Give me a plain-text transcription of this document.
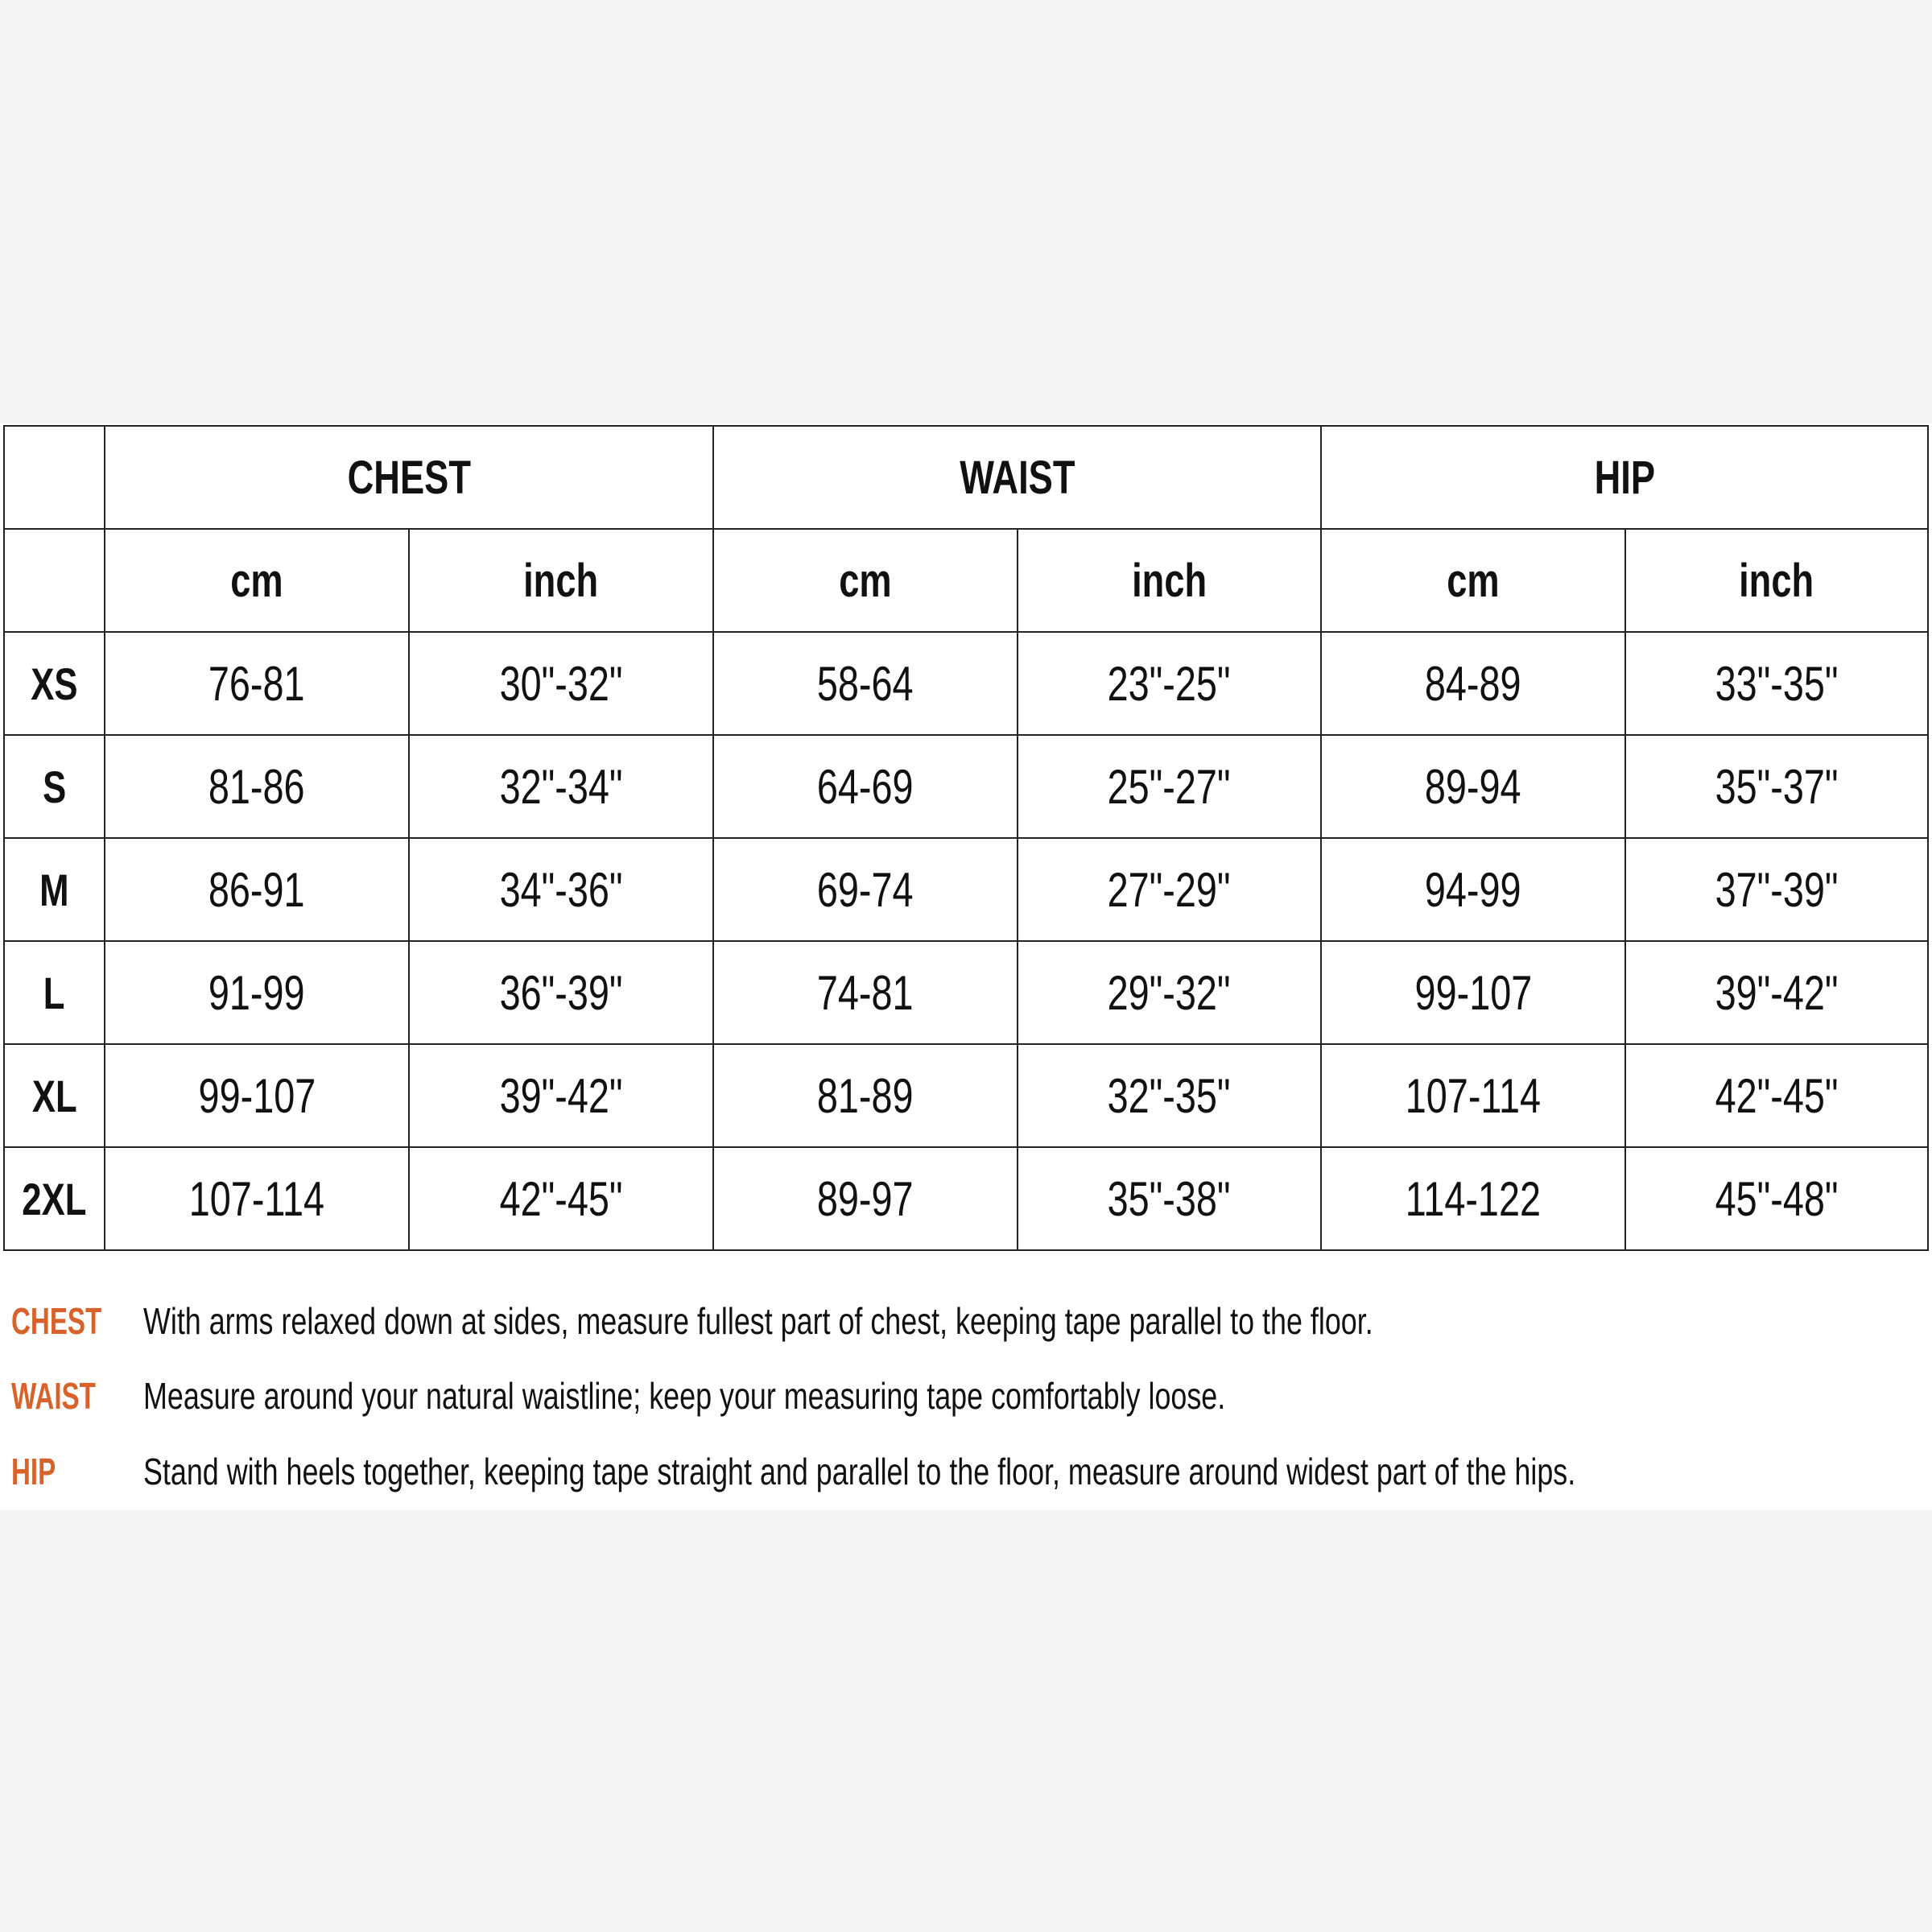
	CHEST		WAIST		HIP	
	cm	inch	cm	inch	cm	inch
XS	76-81	30"-32"	58-64	23"-25"	84-89	33"-35"
S	81-86	32"-34"	64-69	25"-27"	89-94	35"-37"
M	86-91	34"-36"	69-74	27"-29"	94-99	37"-39"
L	91-99	36"-39"	74-81	29"-32"	99-107	39"-42"
XL	99-107	39"-42"	81-89	32"-35"	107-114	42"-45"
2XL	107-114	42"-45"	89-97	35"-38"	114-122	45"-48"
CHEST With arms relaxed down at sides, measure fullest part of chest, keeping tape parallel to the floor.
WAIST Measure around your natural waistline; keep your measuring tape comfortably loose.
HIP Stand with heels together, keeping tape straight and parallel to the floor, measure around widest part of the hips.
